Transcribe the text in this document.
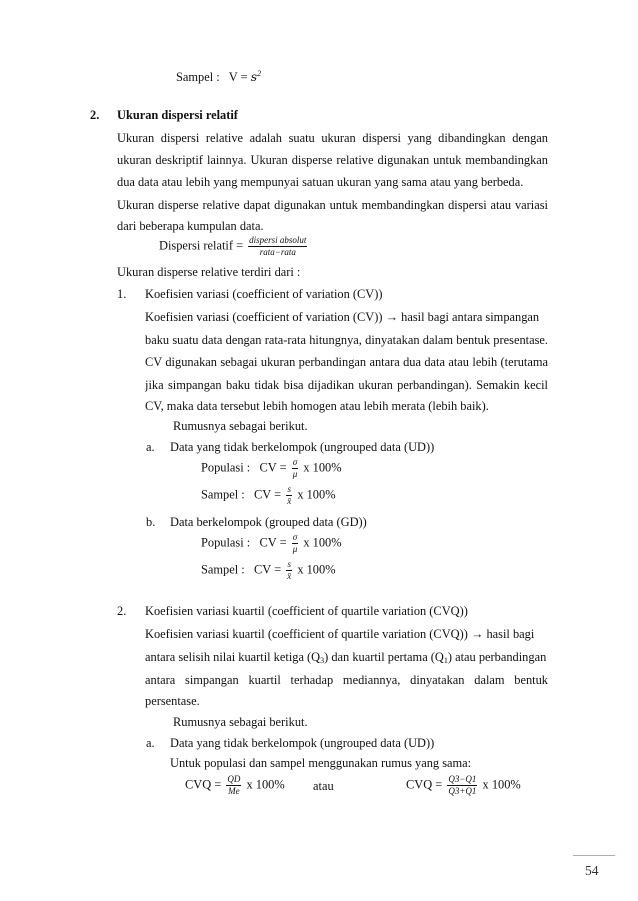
Sampel : $V = s^2$
2. Ukuran dispersi relatif
Ukuran dispersi relative adalah suatu ukuran dispersi yang dibandingkan dengan
ukuran deskriptif lainnya. Ukuran disperse relative digunakan untuk membandingkan
dua data atau lebih yang mempunyai satuan ukuran yang sama atau yang berbeda.
Ukuran disperse relative dapat digunakan untuk membandingkan dispersi atau variasi
dari beberapa kumpulan data.
Dispersi relatif = $\frac{\text{dispersi absolut}}{\text{rata−rata}}$
Ukuran disperse relative terdiri dari :
1. Koefisien variasi (coefficient of variation (CV))
Koefisien variasi (coefficient of variation (CV)) → hasil bagi antara simpangan
baku suatu data dengan rata-rata hitungnya, dinyatakan dalam bentuk presentase.
CV digunakan sebagai ukuran perbandingan antara dua data atau lebih (terutama
jika simpangan baku tidak bisa dijadikan ukuran perbandingan). Semakin kecil
CV, maka data tersebut lebih homogen atau lebih merata (lebih baik).
Rumusnya sebagai berikut.
a. Data yang tidak berkelompok (ungrouped data (UD))
Populasi : CV = $\frac{\sigma}{\mu}$ x 100%
Sampel : CV = $\frac{s}{x̄}$ x 100%
b. Data berkelompok (grouped data (GD))
Populasi : CV = $\frac{\sigma}{\mu}$ x 100%
Sampel : CV = $\frac{s}{x̄}$ x 100%
2. Koefisien variasi kuartil (coefficient of quartile variation (CVQ))
Koefisien variasi kuartil (coefficient of quartile variation (CVQ)) → hasil bagi
antara selisih nilai kuartil ketiga $(Q_3)$ dan kuartil pertama $(Q_1)$ atau perbandingan
antara simpangan kuartil terhadap mediannya, dinyatakan dalam bentuk
persentase.
Rumusnya sebagai berikut.
a. Data yang tidak berkelompok (ungrouped data (UD))
Untuk populasi dan sampel menggunakan rumus yang sama:
CVQ = $\frac{QD}{Me}$ x 100% atau	CVQ = $\frac{Q3-Q1}{Q3+Q1}$ x 100%
54
